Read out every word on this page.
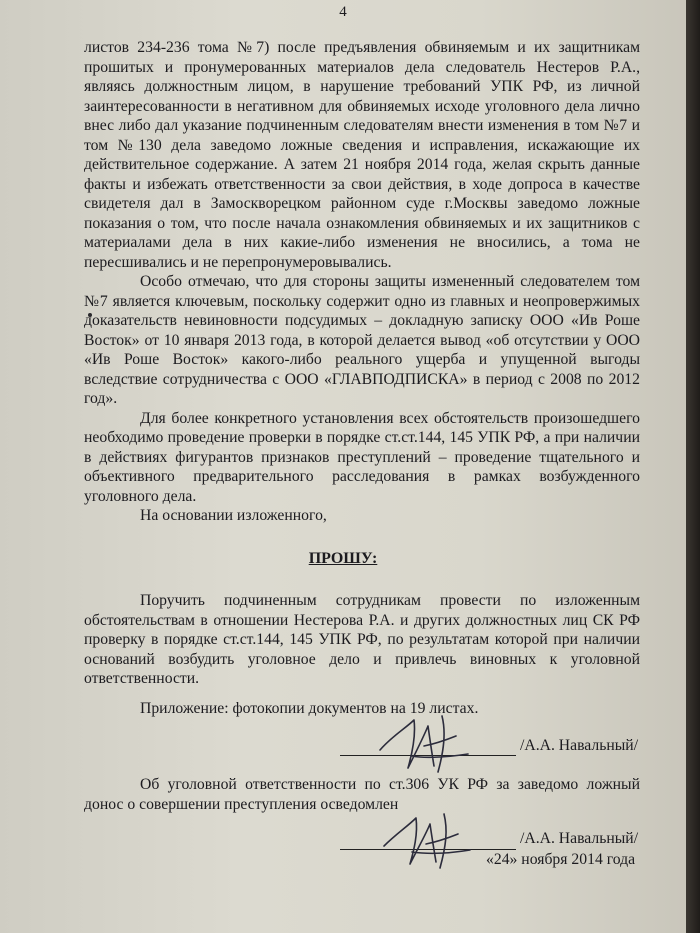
4

листов 234-236 тома №7) после предъявления обвиняемым и их защитникам прошитых и пронумерованных материалов дела следователь Нестеров Р.А., являясь должностным лицом, в нарушение требований УПК РФ, из личной заинтересованности в негативном для обвиняемых исходе уголовного дела лично внес либо дал указание подчиненным следователям внести изменения в том №7 и том №130 дела заведомо ложные сведения и исправления, искажающие их действительное содержание. А затем 21 ноября 2014 года, желая скрыть данные факты и избежать ответственности за свои действия, в ходе допроса в качестве свидетеля дал в Замоскворецком районном суде г.Москвы заведомо ложные показания о том, что после начала ознакомления обвиняемых и их защитников с материалами дела в них какие-либо изменения не вносились, а тома не пересшивались и не перепронумеровывались.

Особо отмечаю, что для стороны защиты измененный следователем том №7 является ключевым, поскольку содержит одно из главных и неопровержимых доказательств невиновности подсудимых – докладную записку ООО «Ив Роше Восток» от 10 января 2013 года, в которой делается вывод «об отсутствии у ООО «Ив Роше Восток» какого-либо реального ущерба и упущенной выгоды вследствие сотрудничества с ООО «ГЛАВПОДПИСКА» в период с 2008 по 2012 год».

Для более конкретного установления всех обстоятельств произошедшего необходимо проведение проверки в порядке ст.ст.144, 145 УПК РФ, а при наличии в действиях фигурантов признаков преступлений – проведение тщательного и объективного предварительного расследования в рамках возбужденного уголовного дела.

На основании изложенного,

ПРОШУ:

Поручить подчиненным сотрудникам провести по изложенным обстоятельствам в отношении Нестерова Р.А. и других должностных лиц СК РФ проверку в порядке ст.ст.144, 145 УПК РФ, по результатам которой при наличии оснований возбудить уголовное дело и привлечь виновных к уголовной ответственности.

Приложение: фотокопии документов на 19 листах.
/А.А. Навальный/

Об уголовной ответственности по ст.306 УК РФ за заведомо ложный донос о совершении преступления осведомлен

/А.А. Навальный/
«24» ноября 2014 года
